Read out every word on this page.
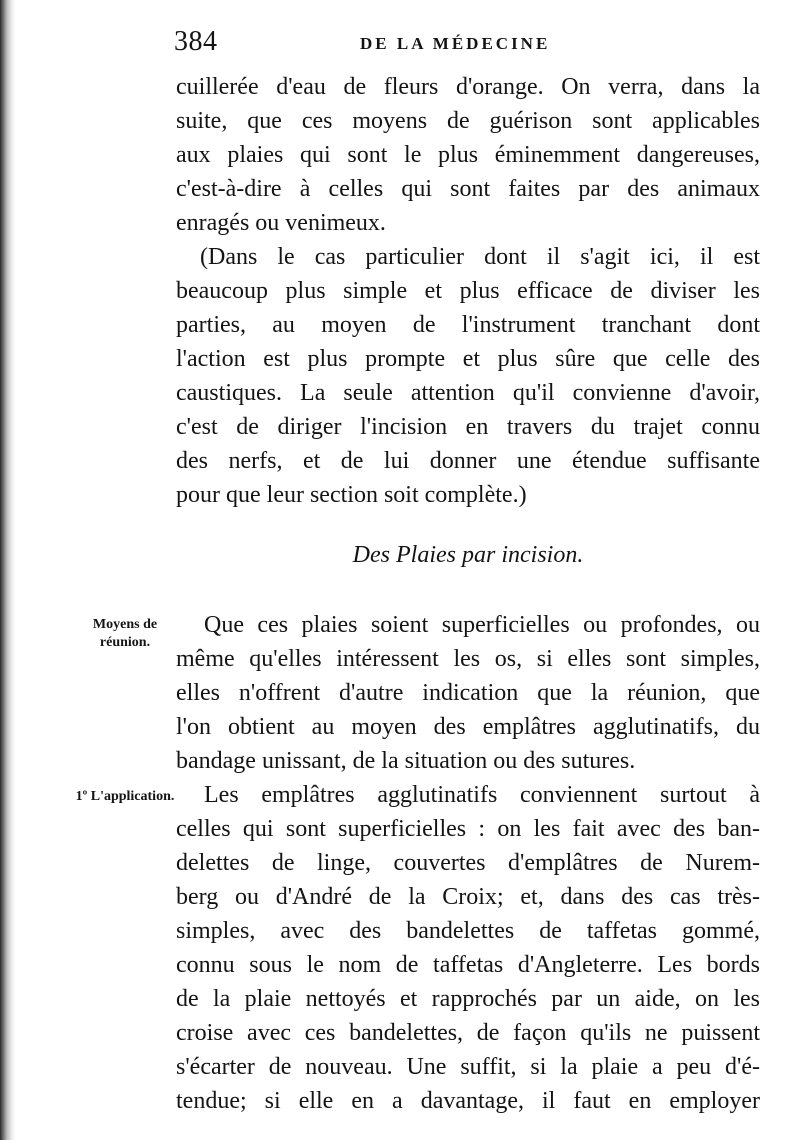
384	DE LA MÉDECINE
cuillerée d'eau de fleurs d'orange. On verra, dans la
suite, que ces moyens de guérison sont applicables
aux plaies qui sont le plus éminemment dangereuses,
c'est-à-dire à celles qui sont faites par des animaux
enragés ou venimeux.
(Dans le cas particulier dont il s'agit ici, il est
beaucoup plus simple et plus efficace de diviser les
parties, au moyen de l'instrument tranchant dont
l'action est plus prompte et plus sûre que celle des
caustiques. La seule attention qu'il convienne d'avoir,
c'est de diriger l'incision en travers du trajet connu
des nerfs, et de lui donner une étendue suffisante
pour que leur section soit complète.)
Des Plaies par incision.
Moyens de réunion.
1º L'application.
Que ces plaies soient superficielles ou profondes, ou
même qu'elles intéressent les os, si elles sont simples,
elles n'offrent d'autre indication que la réunion, que
l'on obtient au moyen des emplâtres agglutinatifs, du
bandage unissant, de la situation ou des sutures.
Les emplâtres agglutinatifs conviennent surtout à
celles qui sont superficielles : on les fait avec des ban-
delettes de linge, couvertes d'emplâtres de Nurem-
berg ou d'André de la Croix; et, dans des cas très-
simples, avec des bandelettes de taffetas gommé,
connu sous le nom de taffetas d'Angleterre. Les bords
de la plaie nettoyés et rapprochés par un aide, on les
croise avec ces bandelettes, de façon qu'ils ne puissent
s'écarter de nouveau. Une suffit, si la plaie a peu d'é-
tendue; si elle en a davantage, il faut en employer
